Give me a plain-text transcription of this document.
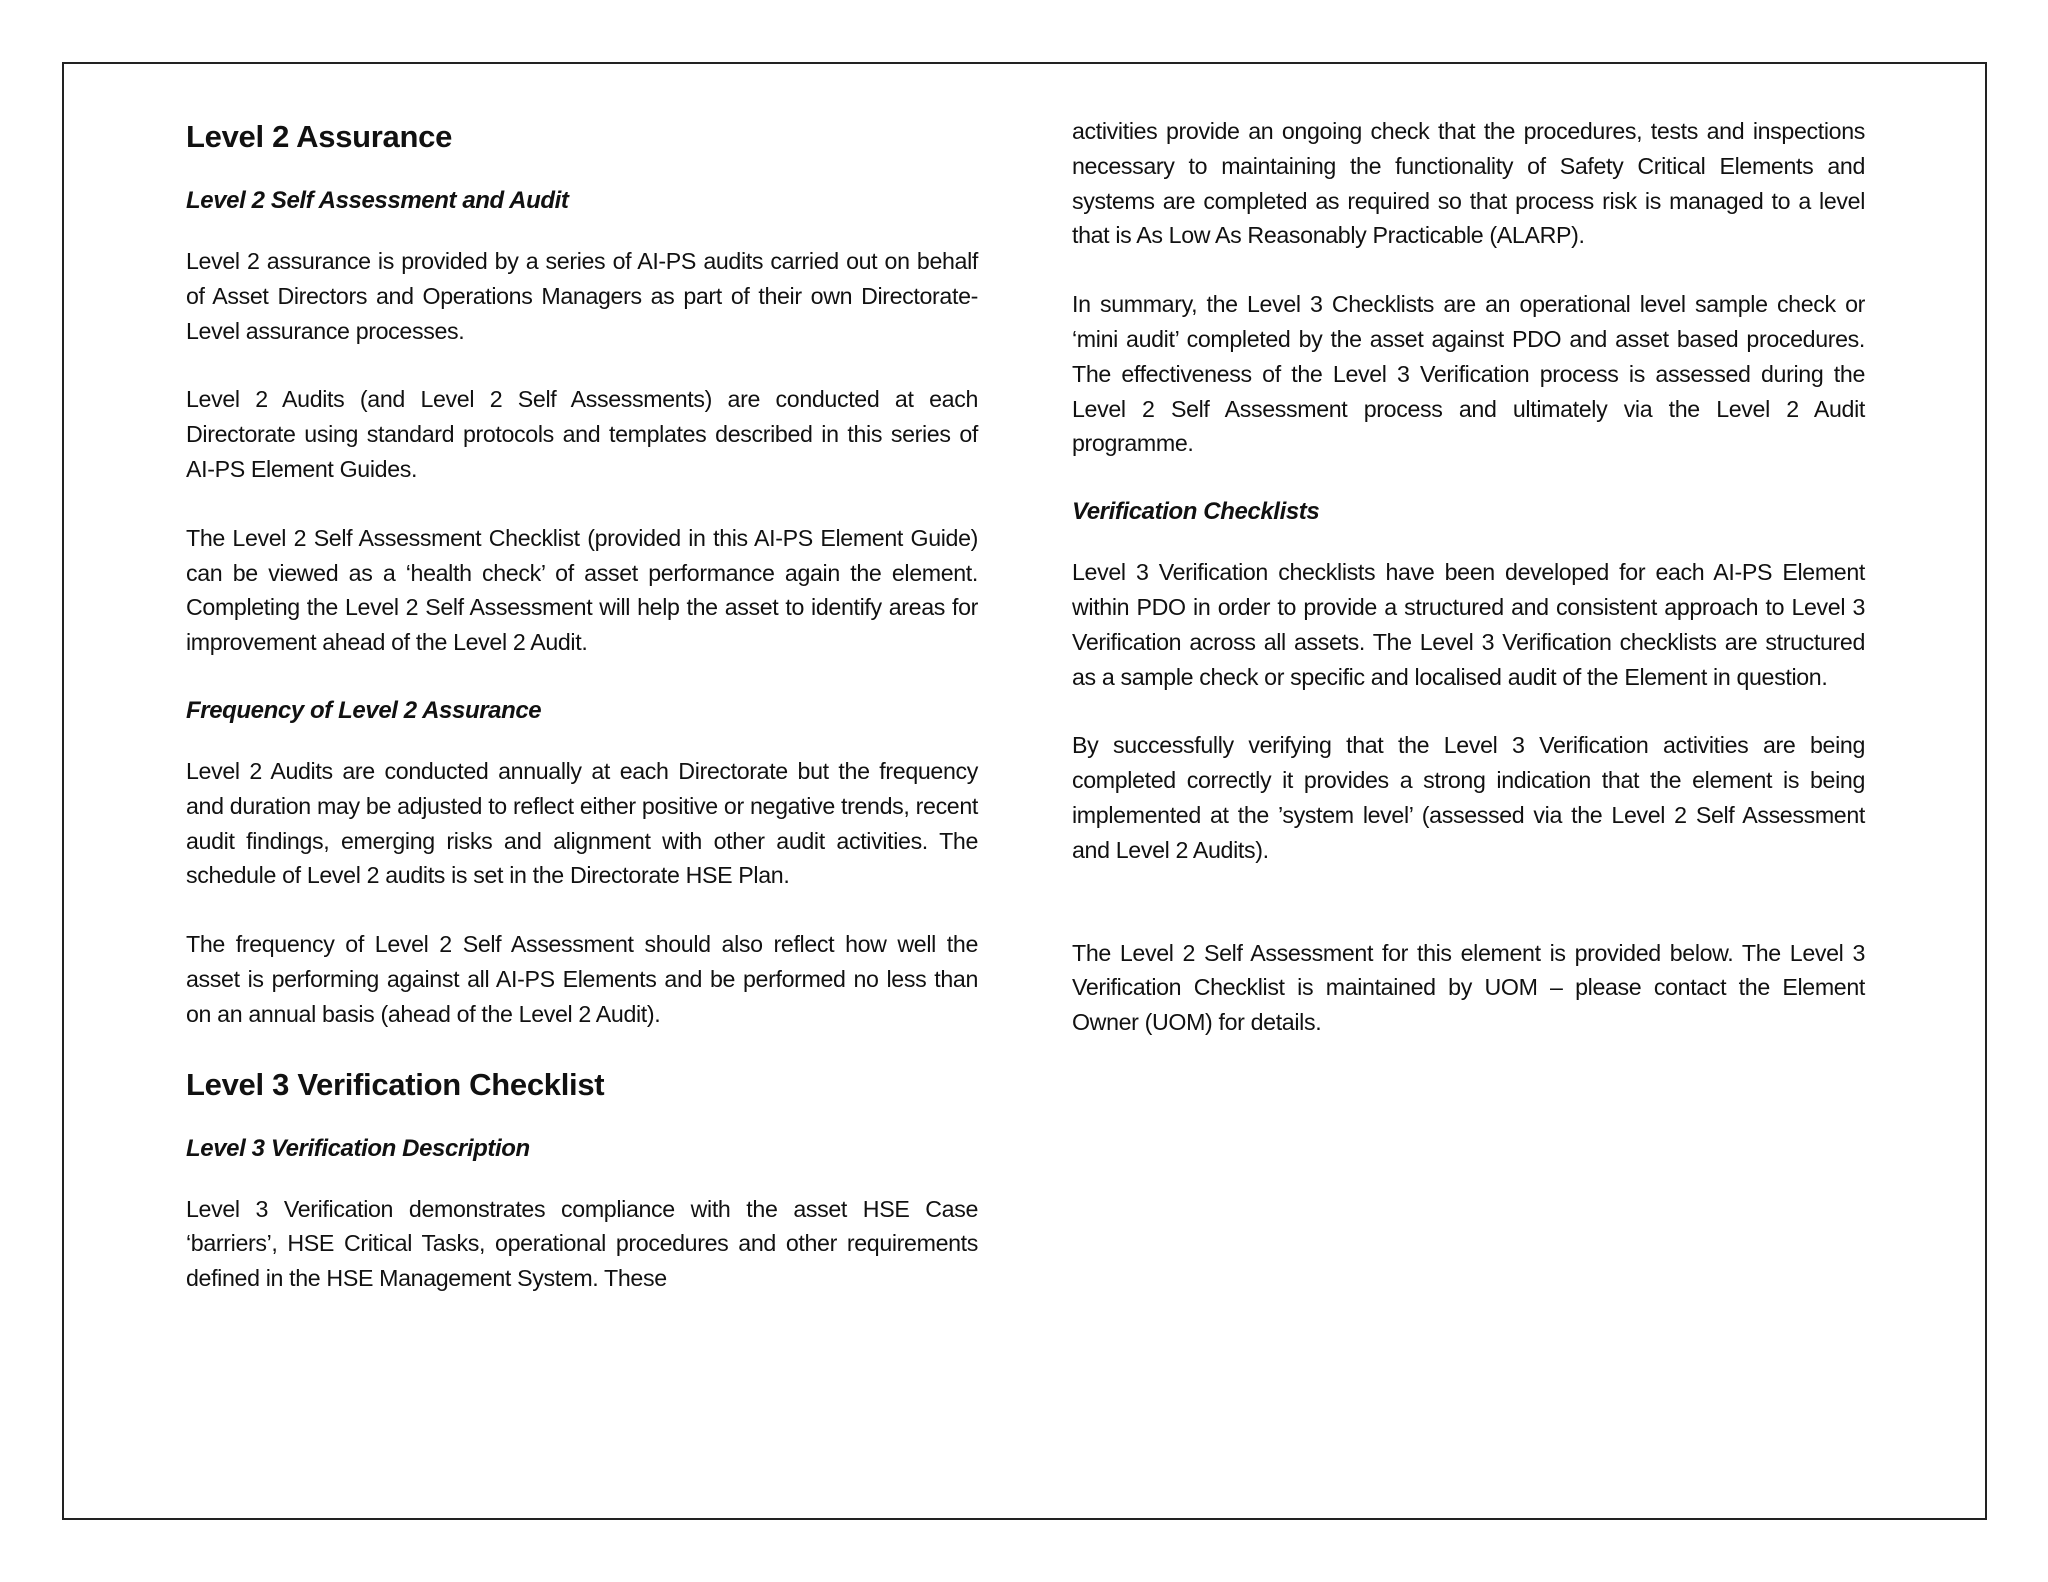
Level 2 Assurance
Level 2 Self Assessment and Audit

Level 2 assurance is provided by a series of AI-PS audits carried out on behalf of Asset Directors and Operations Managers as part of their own Directorate-Level assurance processes.

Level 2 Audits (and Level 2 Self Assessments) are conducted at each Directorate using standard protocols and templates described in this series of AI-PS Element Guides.

The Level 2 Self Assessment Checklist (provided in this AI-PS Element Guide) can be viewed as a ‘health check’ of asset performance again the element. Completing the Level 2 Self Assessment will help the asset to identify areas for improvement ahead of the Level 2 Audit.

Frequency of Level 2 Assurance

Level 2 Audits are conducted annually at each Directorate but the frequency and duration may be adjusted to reflect either positive or negative trends, recent audit findings, emerging risks and alignment with other audit activities. The schedule of Level 2 audits is set in the Directorate HSE Plan.

The frequency of Level 2 Self Assessment should also reflect how well the asset is performing against all AI-PS Elements and be performed no less than on an annual basis (ahead of the Level 2 Audit).

Level 3 Verification Checklist
Level 3 Verification Description

Level 3 Verification demonstrates compliance with the asset HSE Case ‘barriers’, HSE Critical Tasks, operational procedures and other requirements defined in the HSE Management System. These

activities provide an ongoing check that the procedures, tests and inspections necessary to maintaining the functionality of Safety Critical Elements and systems are completed as required so that process risk is managed to a level that is As Low As Reasonably Practicable (ALARP).

In summary, the Level 3 Checklists are an operational level sample check or ‘mini audit’ completed by the asset against PDO and asset based procedures. The effectiveness of the Level 3 Verification process is assessed during the Level 2 Self Assessment process and ultimately via the Level 2 Audit programme.

Verification Checklists

Level 3 Verification checklists have been developed for each AI-PS Element within PDO in order to provide a structured and consistent approach to Level 3 Verification across all assets. The Level 3 Verification checklists are structured as a sample check or specific and localised audit of the Element in question.

By successfully verifying that the Level 3 Verification activities are being completed correctly it provides a strong indication that the element is being implemented at the ’system level’ (assessed via the Level 2 Self Assessment and Level 2 Audits).

The Level 2 Self Assessment for this element is provided below. The Level 3 Verification Checklist is maintained by UOM – please contact the Element Owner (UOM) for details.
